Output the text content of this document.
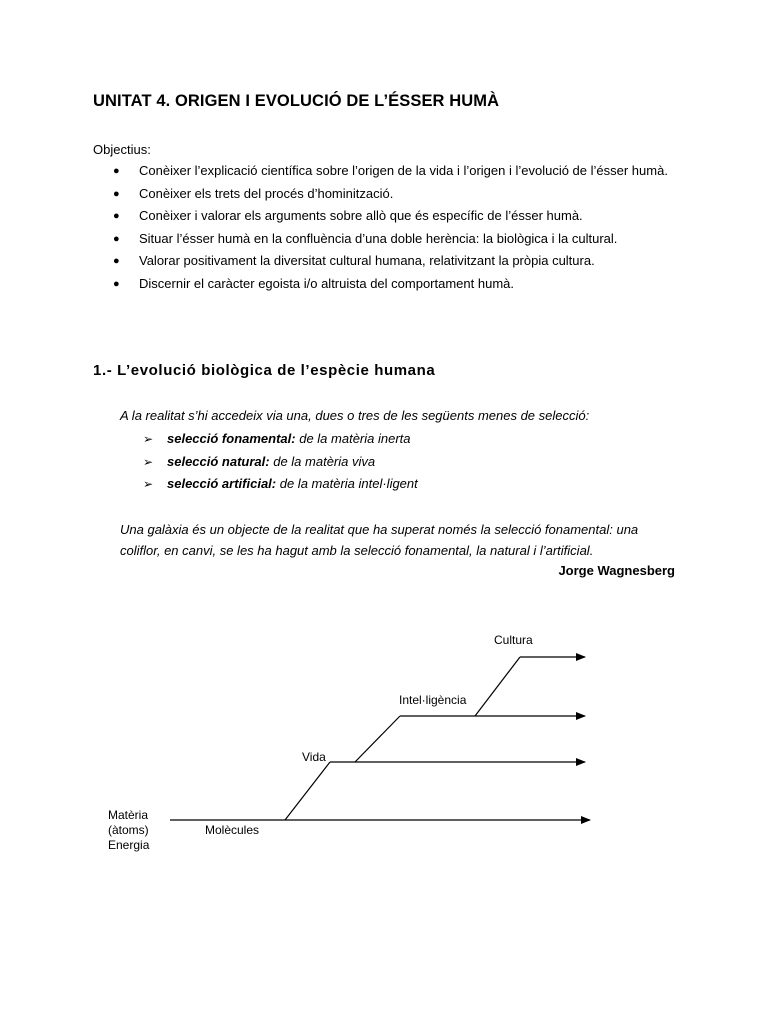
UNITAT 4. ORIGEN I EVOLUCIÓ DE L’ÉSSER HUMÀ
Objectius:
● Conèixer l’explicació científica sobre l’origen de la vida i l’origen i l’evolució de l’ésser humà.
● Conèixer els trets del procés d’hominització.
● Conèixer i valorar els arguments sobre allò que és específic de l’ésser humà.
● Situar l’ésser humà en la confluència d’una doble herència: la biològica i la cultural.
● Valorar positivament la diversitat cultural humana, relativitzant la pròpia cultura.
● Discernir el caràcter egoista i/o altruista del comportament humà.
1.- L’evolució biològica de l’espècie humana
A la realitat s’hi accedeix via una, dues o tres de les següents menes de selecció:
➢ selecció fonamental: de la matèria inerta
➢ selecció natural: de la matèria viva
➢ selecció artificial: de la matèria intel·ligent
Una galàxia és un objecte de la realitat que ha superat només la selecció fonamental: una coliflor, en canvi, se les ha hagut amb la selecció fonamental, la natural i l’artificial.
Jorge Wagnesberg
Matèria
(àtoms)
Energia
Molècules
Vida
Intel·ligència
Cultura
